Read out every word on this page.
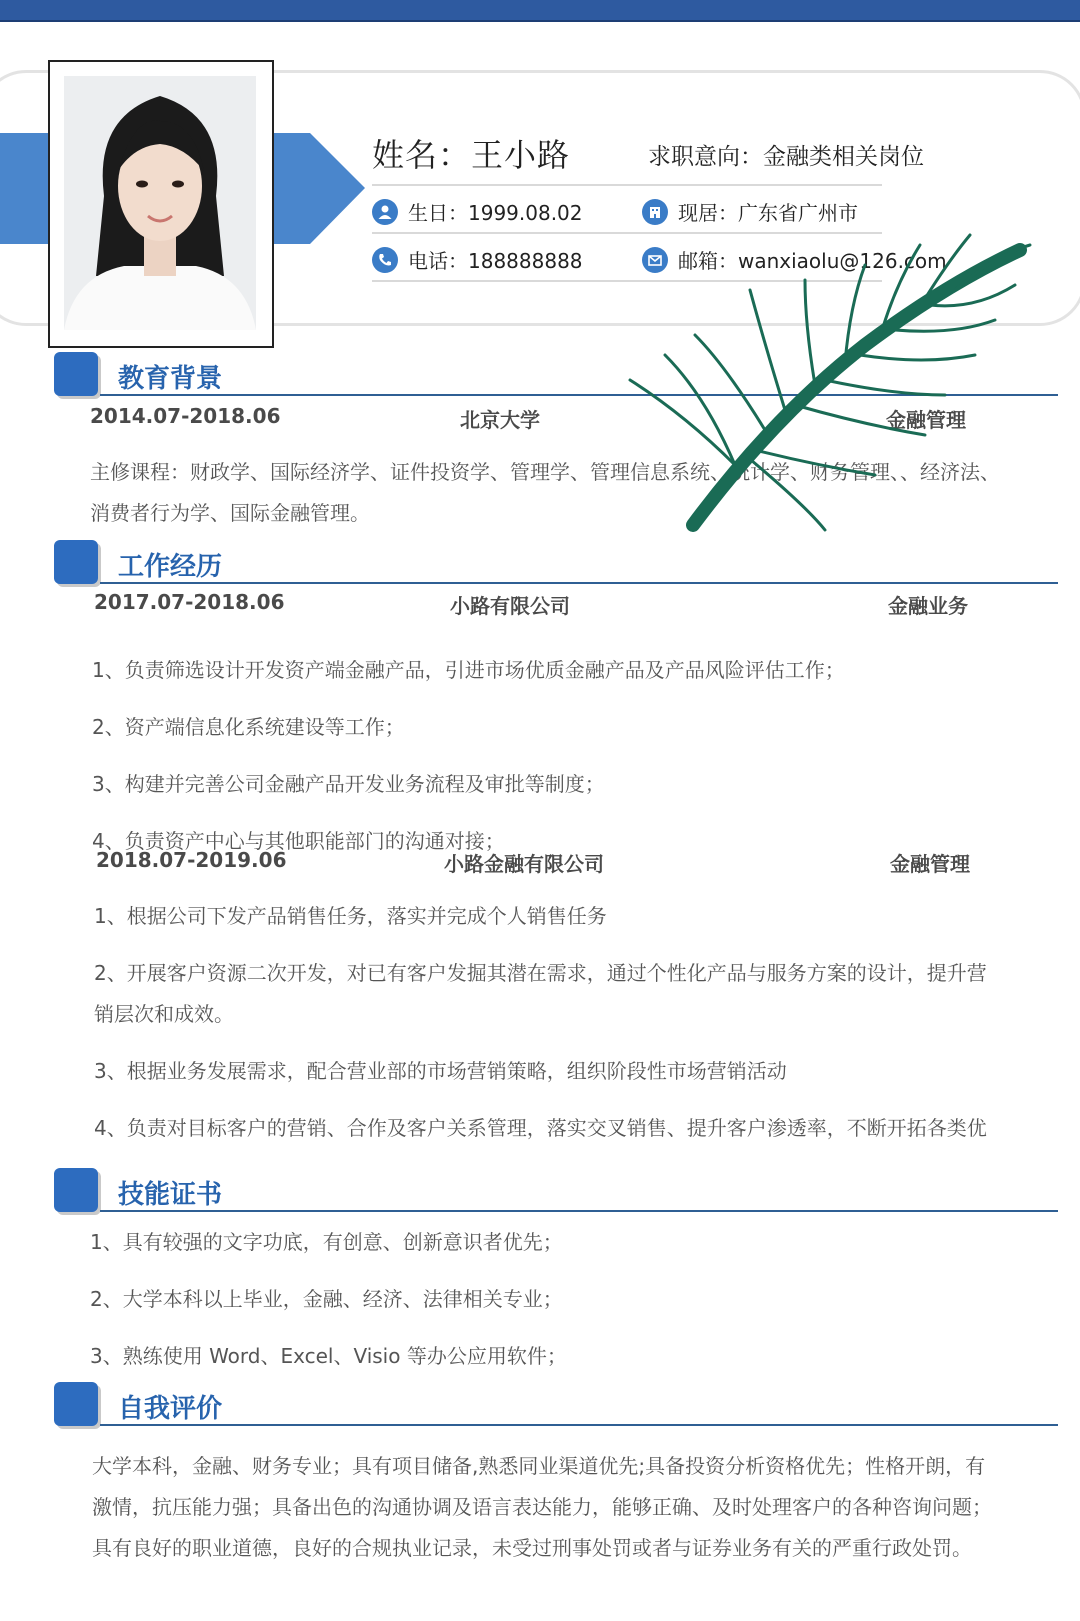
姓名：王小路	求职意向：金融类相关岗位
生日：1999.08.02	现居：广东省广州市
电话：188888888	邮箱：wanxiaolu@126.com
教育背景
2014.07-2018.06	北京大学	金融管理
主修课程：财政学、国际经济学、证件投资学、管理学、管理信息系统、统计学、财务管理、、经济法、
消费者行为学、国际金融管理。
工作经历
2017.07-2018.06	小路有限公司	金融业务
1、负责筛选设计开发资产端金融产品，引进市场优质金融产品及产品风险评估工作；
2、资产端信息化系统建设等工作；
3、构建并完善公司金融产品开发业务流程及审批等制度；
4、负责资产中心与其他职能部门的沟通对接；
2018.07-2019.06	小路金融有限公司	金融管理
1、根据公司下发产品销售任务，落实并完成个人销售任务
2、开展客户资源二次开发，对已有客户发掘其潜在需求，通过个性化产品与服务方案的设计，提升营
销层次和成效。
3、根据业务发展需求，配合营业部的市场营销策略，组织阶段性市场营销活动
4、负责对目标客户的营销、合作及客户关系管理，落实交叉销售、提升客户渗透率，不断开拓各类优
技能证书
1、具有较强的文字功底，有创意、创新意识者优先；
2、大学本科以上毕业，金融、经济、法律相关专业；
3、熟练使用 Word、Excel、Visio 等办公应用软件；
自我评价
大学本科，金融、财务专业；具有项目储备,熟悉同业渠道优先;具备投资分析资格优先；性格开朗，有
激情，抗压能力强；具备出色的沟通协调及语言表达能力，能够正确、及时处理客户的各种咨询问题；
具有良好的职业道德，良好的合规执业记录，未受过刑事处罚或者与证券业务有关的严重行政处罚。
